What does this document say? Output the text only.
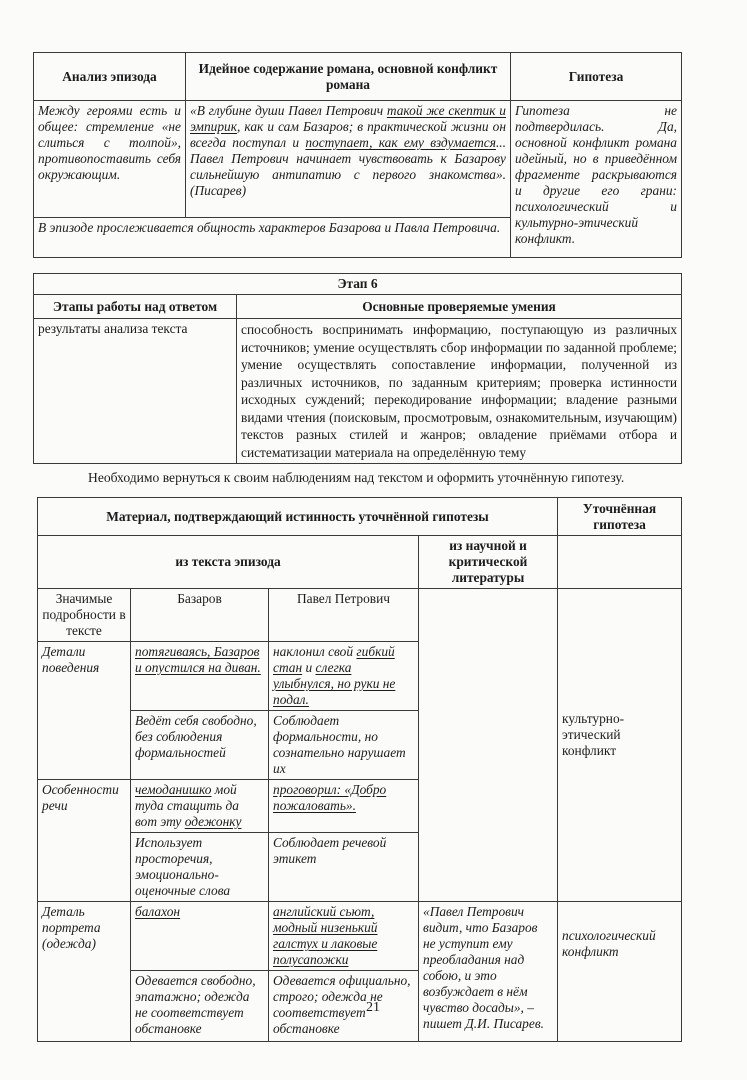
Анализ эпизода	Идейное содержание романа, основной конфликт романа	Гипотеза
Между героями есть и общее: стремление «не слиться с толпой», противопоставить себя окружающим.	«В глубине души Павел Петрович такой же скептик и эмпирик, как и сам Базаров; в практической жизни он всегда поступал и поступает, как ему вздумается... Павел Петрович начинает чувствовать к Базарову сильнейшую антипатию с первого знакомства». (Писарев)	Гипотеза не подтвердилась. Да, основной конфликт романа идейный, но в приведённом фрагменте раскрываются и другие его грани: психологический и культурно-этический конфликт.
В эпизоде прослеживается общность характеров Базарова и Павла Петровича.		
Этап 6	
Этапы работы над ответом	Основные проверяемые умения
результаты анализа текста	способность воспринимать информацию, поступающую из различных источников; умение осуществлять сбор информации по заданной проблеме; умение осуществлять сопоставление информации, полученной из различных источников, по заданным критериям; проверка истинности исходных суждений; перекодирование информации; владение разными видами чтения (поисковым, просмотровым, ознакомительным, изучающим) текстов разных стилей и жанров; овладение приёмами отбора и систематизации материала на определённую тему
Необходимо вернуться к своим наблюдениям над текстом и оформить уточнённую гипотезу.
Материал, подтверждающий истинность уточнённой гипотезы				Уточнённая гипотеза
из текста эпизода			из научной и критической литературы	
Значимые подробности в тексте	Базаров	Павел Петрович		культурно-этический конфликт
Детали поведения	потягиваясь, Базаров и опустился на диван.	наклонил свой гибкий стан и слегка улыбнулся, но руки не подал.		
	Ведёт себя свободно, без соблюдения формальностей	Соблюдает формальности, но сознательно нарушает их		
Особенности речи	чемоданишко мой туда стащить да вот эту одежонку	проговорил: «Добро пожаловать».		
	Использует просторечия, эмоционально-оценочные слова	Соблюдает речевой этикет		

Деталь портрета (одежда)	балахон	английский сьют, модный низенький галстух и лаковые полусапожки	«Павел Петрович видит, что Базаров не уступит ему преобладания над собою, и это возбуждает в нём чувство досады», – пишет Д.И. Писарев.	психологический конфликт
	Одевается свободно, эпатажно; одежда не соответствует обстановке	Одевается официально, строго; одежда не соответствует обстановке		
21
